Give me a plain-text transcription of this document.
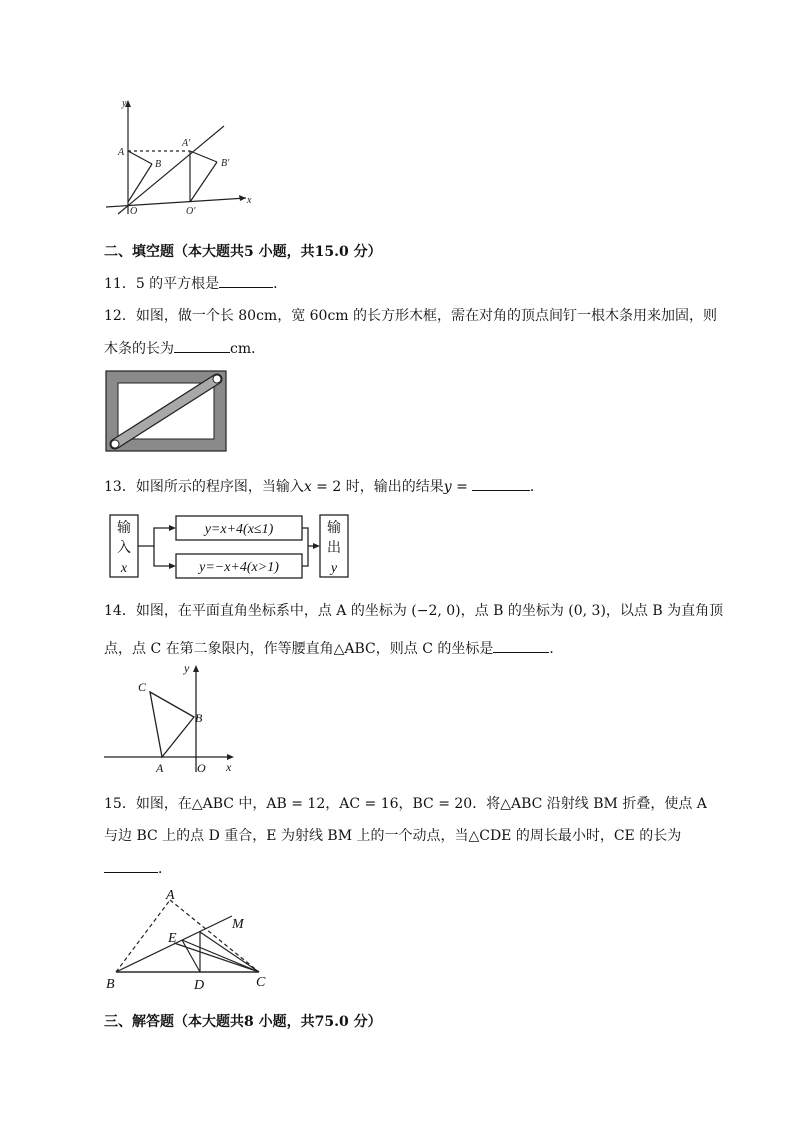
y
A
B
A'
B'
O	O'
x
二、填空题（本大题共5 小题，共15.0 分）
11．5 的平方根是	．
12．如图，做一个长 80cm，宽 60cm 的长方形木框，需在对角的顶点间钉一根木条用来加固，则
木条的长为	cm．
13．如图所示的程序图，当输入x = 2 时，输出的结果y =	．
输
入
x
y=x+4(x≤1)
y=−x+4(x>1)
输
出
y
14．如图，在平面直角坐标系中，点 A 的坐标为 (−2, 0)，点 B 的坐标为 (0, 3)，以点 B 为直角顶
点，点 C 在第二象限内，作等腰直角△ABC，则点 C 的坐标是	．
y
C
B
A	O x
15．如图，在△ABC 中，AB = 12，AC = 16，BC = 20．将△ABC 沿射线 BM 折叠，使点 A
与边 BC 上的点 D 重合，E 为射线 BM 上的一个动点，当△CDE 的周长最小时，CE 的长为
．
A
M
E
B	D	C
三、解答题（本大题共8 小题，共75.0 分）
